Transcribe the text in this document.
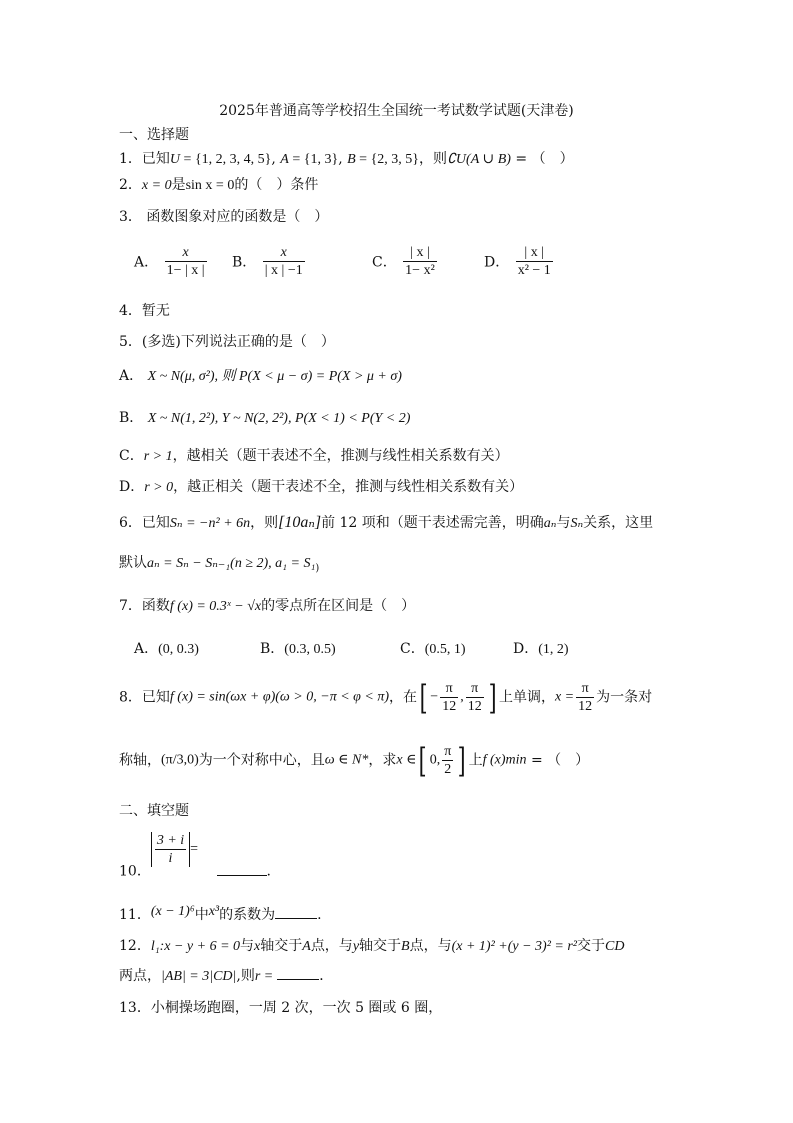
2025年普通高等学校招生全国统一考试数学试题(天津卷)
一、选择题
1．已知U = {1, 2, 3, 4, 5}, A = {1, 3}, B = {2, 3, 5}，则∁U(A ∪ B) = （　）
2．x = 0是sin x = 0的（　）条件
3． 函数图象对应的函数是（　）
A． $\frac{x}{1- | x |}$ B． $\frac{x}{| x | -1}$	C． $\frac{| x |}{\text{1− x²}}$	D． $\frac{| x |}{\text{x² − 1}}$
4．暂无
5．(多选)下列说法正确的是（　）
A． X ~ N(μ, σ²), 则 P(X < μ − σ) = P(X > μ + σ)
B． X ~ N(1, 2²), Y ~ N(2, 2²), P(X < 1) < P(Y < 2)
C．r > 1，越相关（题干表述不全，推测与线性相关系数有关）
D．r > 0，越正相关（题干表述不全，推测与线性相关系数有关）
6．已知Sₙ = −n² + 6n，则[10aₙ]前 12 项和（题干表述需完善，明确aₙ与Sₙ关系，这里
默认aₙ = Sₙ − Sₙ₋₁(n ≥ 2), $a_1 = S_1_)$
7．函数f (x) = 0.3ˣ − √x的零点所在区间是（　）
A．(0, 0.3)	B．(0.3, 0.5)	C．(0.5, 1)	D．(1, 2)
8．已知f (x) = sin(ωx + φ)(ω > 0, −π < φ < π)，在[ − $\frac{\pi}{12}$ , $\frac{\pi}{12}$ ] 上单调，$x = \frac{\pi}{12}$ 为一条对
称轴，(π/3,0)为一个对称中心，且ω ∈ N*，求x ∈[ 0, $\frac{\pi}{2}$ ] 上f (x)min = （　）
二、填空题
10．
$\frac{3 + i}{i}$ = .
11．(x − 1)⁶中x³的系数为	.
12．l₁:x − y + 6 = 0与x轴交于A点，与y轴交于B点，与(x + 1)² +(y − 3)² = r²交于CD
两点，|AB| = 3|CD|,则r =	．
13．小桐操场跑圈，一周 2 次，一次 5 圈或 6 圈，
